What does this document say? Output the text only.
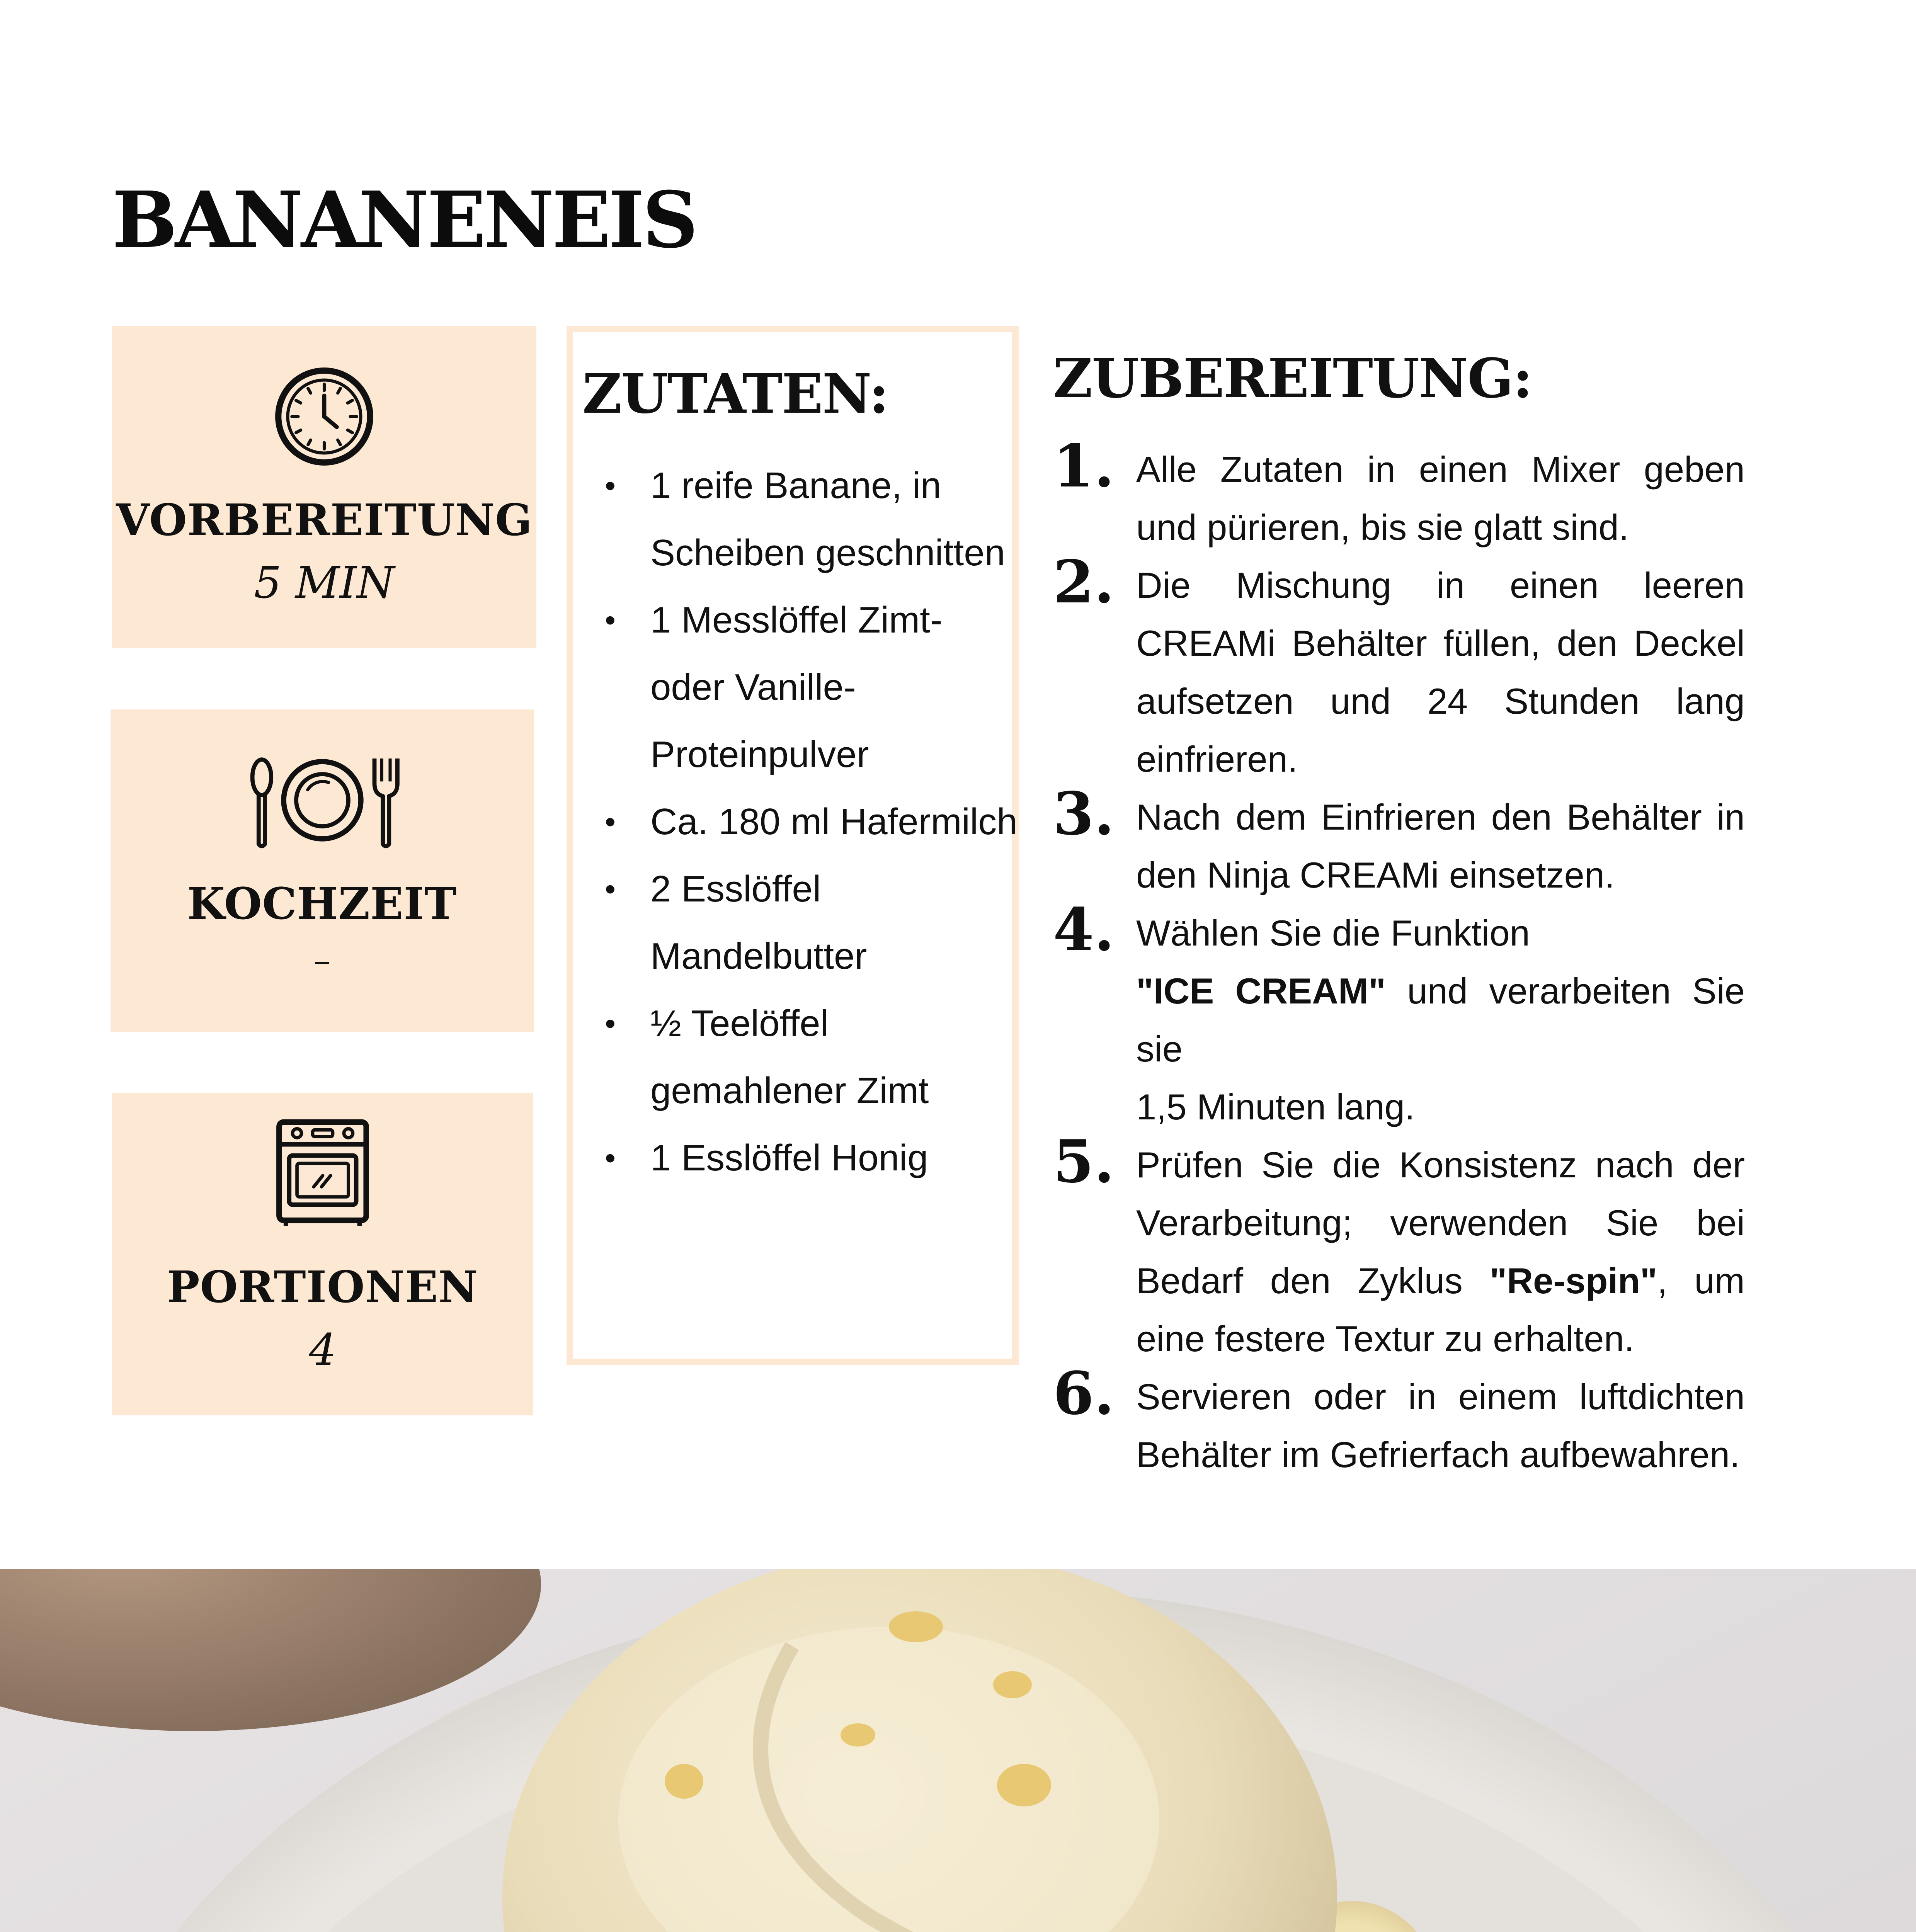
BANANENEIS
VORBEREITUNG
5 MIN
KOCHZEIT
–
PORTIONEN
4
ZUTATEN:
• 1 reife Banane, in Scheiben geschnitten
• 1 Messlöffel Zimt- oder Vanille-Proteinpulver
• Ca. 180 ml Hafermilch
• 2 Esslöffel Mandelbutter
• ½ Teelöffel gemahlener Zimt
• 1 Esslöffel Honig
ZUBEREITUNG:
1. Alle Zutaten in einen Mixer geben und pürieren, bis sie glatt sind.
2. Die Mischung in einen leeren CREAMi Behälter füllen, den Deckel aufsetzen und 24 Stunden lang einfrieren.
3. Nach dem Einfrieren den Behälter in den Ninja CREAMi einsetzen.
4. Wählen Sie die Funktion
"ICE CREAM" und verarbeiten Sie
sie
1,5 Minuten lang.
5. Prüfen Sie die Konsistenz nach der Verarbeitung; verwenden Sie bei Bedarf den Zyklus "Re-spin", um eine festere Textur zu erhalten.
6. Servieren oder in einem luftdichten Behälter im Gefrierfach aufbewahren.
